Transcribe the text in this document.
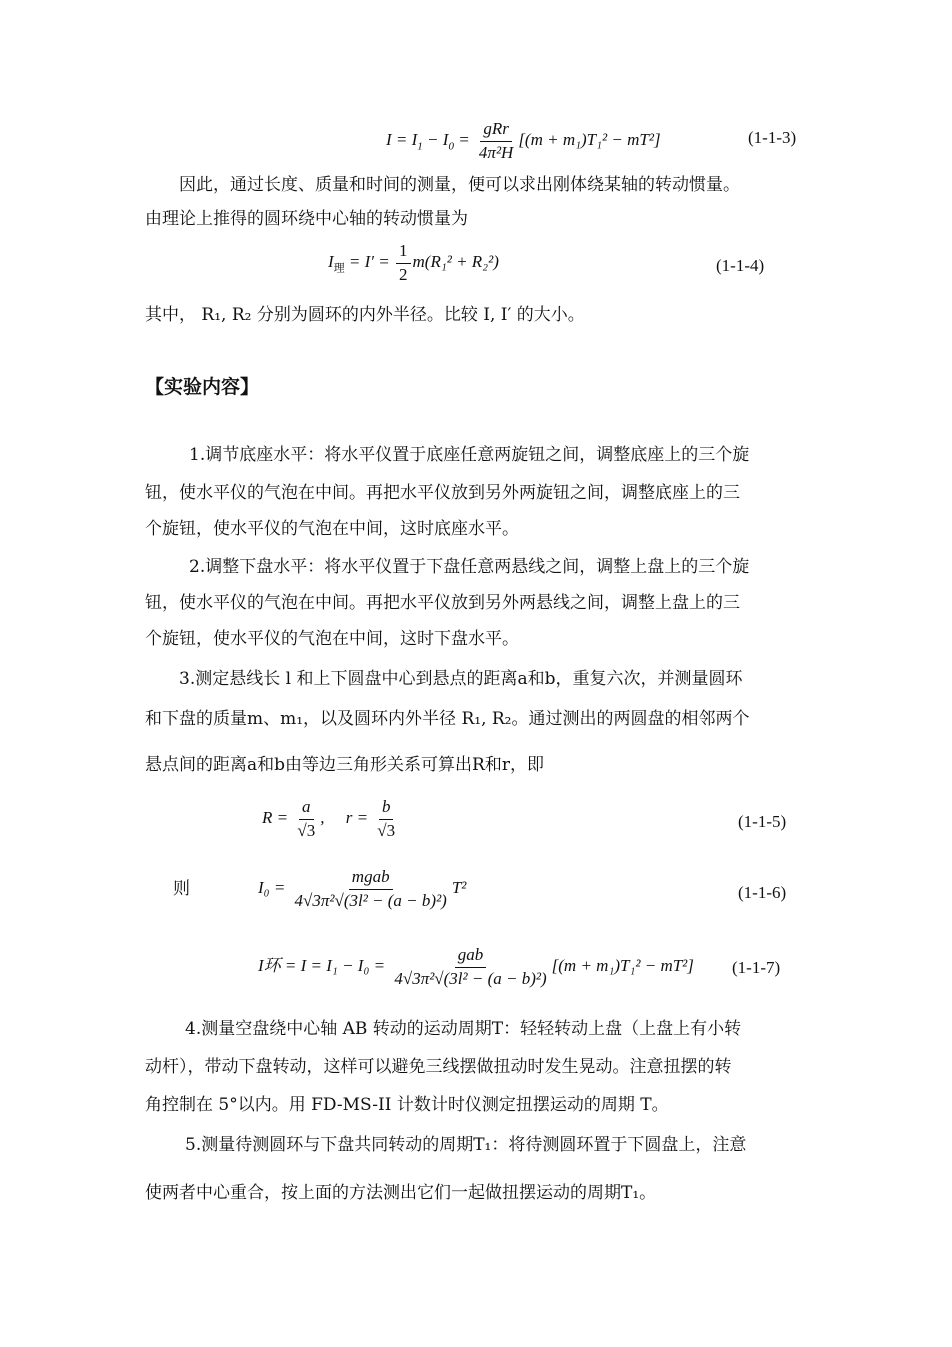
$I = I_1 - I_0 = \frac{\text{gRr}}{\text{4π²H}} [(m + m_1)T_1^2 - mT^2]$	(1-1-3)
因此，通过长度、质量和时间的测量，便可以求出刚体绕某轴的转动惯量。
由理论上推得的圆环绕中心轴的转动惯量为
$I_理 = I' = \frac{1}{2} m(R_1^2 + R_2^2)$	(1-1-4)
其中， R₁, R₂ 分别为圆环的内外半径。比较 I, I′ 的大小。
【实验内容】
1.调节底座水平：将水平仪置于底座任意两旋钮之间，调整底座上的三个旋
钮，使水平仪的气泡在中间。再把水平仪放到另外两旋钮之间，调整底座上的三
个旋钮，使水平仪的气泡在中间，这时底座水平。
2.调整下盘水平：将水平仪置于下盘任意两悬线之间，调整上盘上的三个旋
钮，使水平仪的气泡在中间。再把水平仪放到另外两悬线之间，调整上盘上的三
个旋钮，使水平仪的气泡在中间，这时下盘水平。
3.测定悬线长 l 和上下圆盘中心到悬点的距离a和b，重复六次，并测量圆环
和下盘的质量m、m₁，以及圆环内外半径 R₁, R₂。通过测出的两圆盘的相邻两个
悬点间的距离a和b由等边三角形关系可算出R和r，即
$R = \frac{a}{√3}$ ,     $r = \frac{b}{√3}$	(1-1-5)
则	$I_0 = \frac{\text{mgab}}{\text{4√3π²√(3l² − (a − b)²)}} T^2$	(1-1-6)
I环 = $I = I_1 - I_0 = \frac{\text{gab}}{\text{4√3π²√(3l² − (a − b)²)}} [(m + m_1)T_1^2 - mT^2]$ (1-1-7)
4.测量空盘绕中心轴 AB 转动的运动周期T：轻轻转动上盘（上盘上有小转
动杆），带动下盘转动，这样可以避免三线摆做扭动时发生晃动。注意扭摆的转
角控制在 5°以内。用 FD-MS-II 计数计时仪测定扭摆运动的周期 T。
5.测量待测圆环与下盘共同转动的周期T₁：将待测圆环置于下圆盘上，注意
使两者中心重合，按上面的方法测出它们一起做扭摆运动的周期T₁。
